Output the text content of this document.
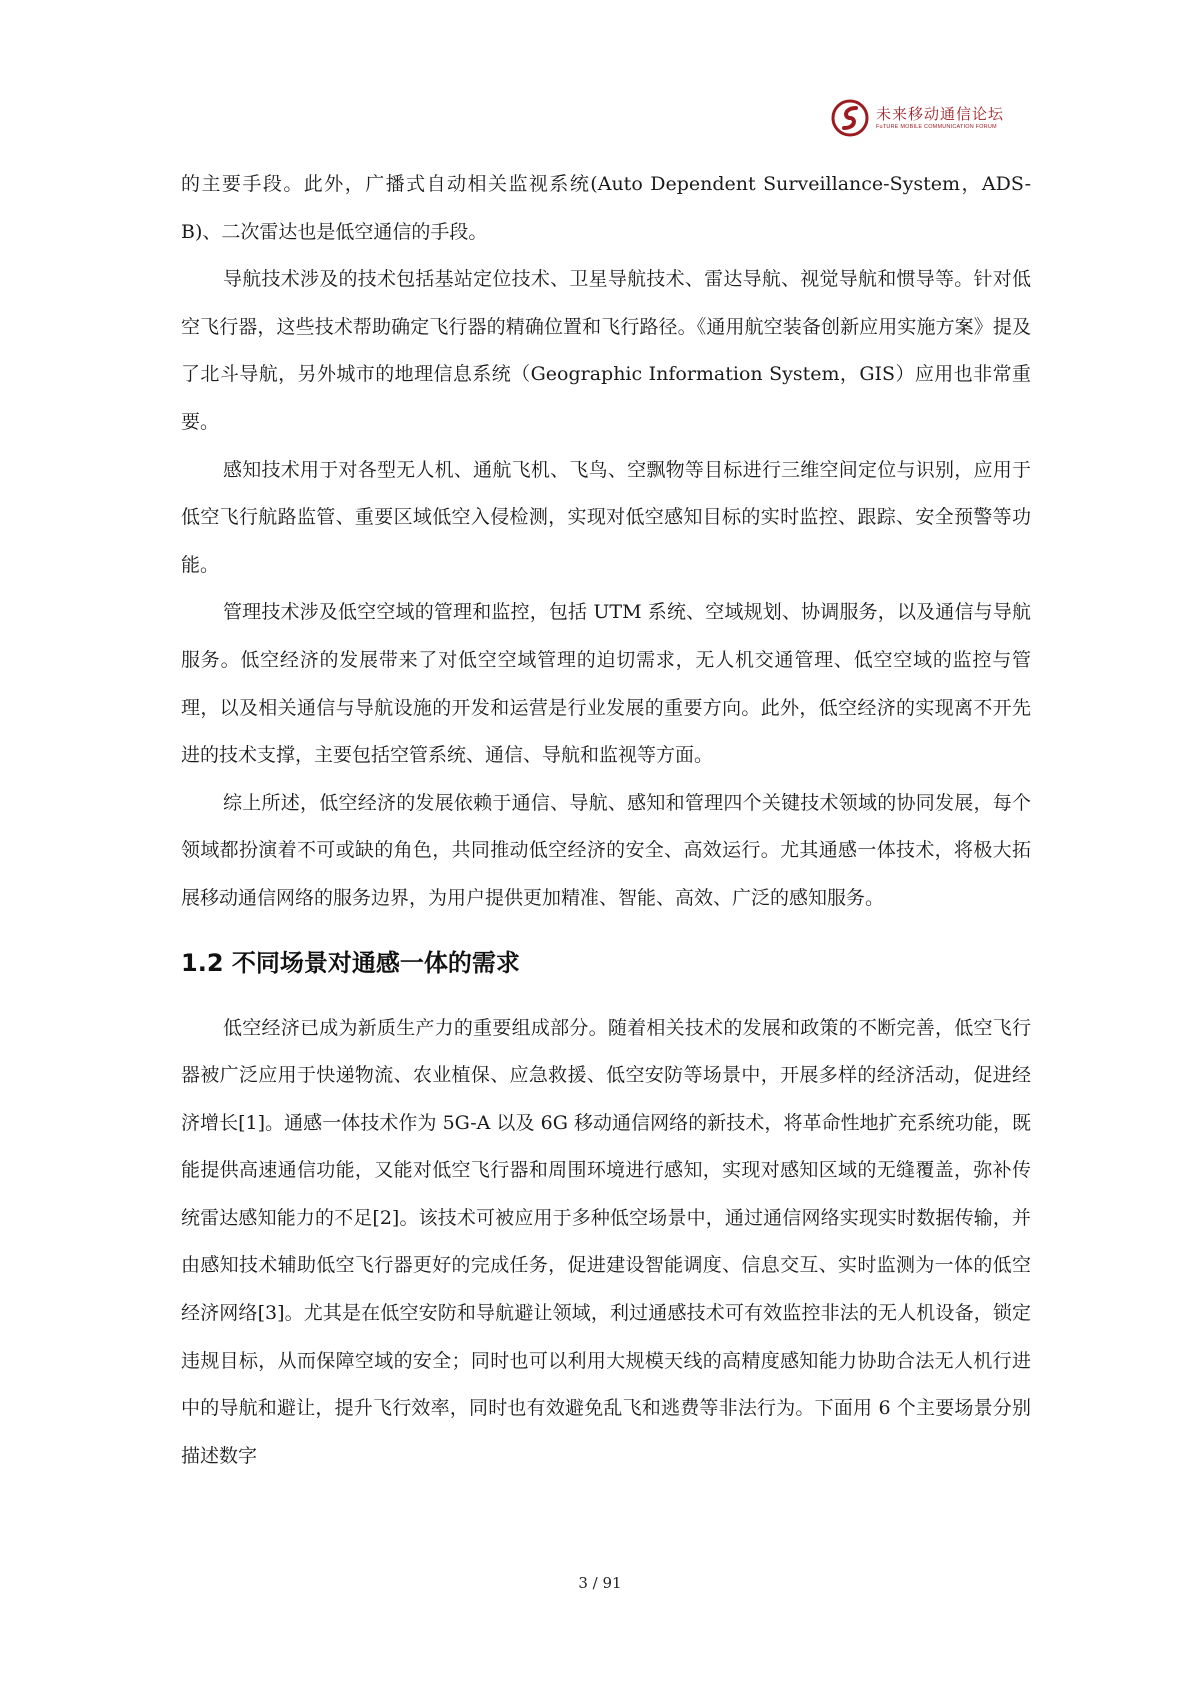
未来移动通信论坛
FuTURE MOBILE COMMUNICATION FORUM

的主要手段。此外，广播式自动相关监视系统(Auto Dependent Surveillance-System，ADS-B)、二次雷达也是低空通信的手段。

导航技术涉及的技术包括基站定位技术、卫星导航技术、雷达导航、视觉导航和惯导等。针对低空飞行器，这些技术帮助确定飞行器的精确位置和飞行路径。《通用航空装备创新应用实施方案》提及了北斗导航，另外城市的地理信息系统（Geographic Information System，GIS）应用也非常重要。

感知技术用于对各型无人机、通航飞机、飞鸟、空飘物等目标进行三维空间定位与识别，应用于低空飞行航路监管、重要区域低空入侵检测，实现对低空感知目标的实时监控、跟踪、安全预警等功能。

管理技术涉及低空空域的管理和监控，包括 UTM 系统、空域规划、协调服务，以及通信与导航服务。低空经济的发展带来了对低空空域管理的迫切需求，无人机交通管理、低空空域的监控与管理，以及相关通信与导航设施的开发和运营是行业发展的重要方向。此外，低空经济的实现离不开先进的技术支撑，主要包括空管系统、通信、导航和监视等方面。

综上所述，低空经济的发展依赖于通信、导航、感知和管理四个关键技术领域的协同发展，每个领域都扮演着不可或缺的角色，共同推动低空经济的安全、高效运行。尤其通感一体技术，将极大拓展移动通信网络的服务边界，为用户提供更加精准、智能、高效、广泛的感知服务。

1.2 不同场景对通感一体的需求

低空经济已成为新质生产力的重要组成部分。随着相关技术的发展和政策的不断完善，低空飞行器被广泛应用于快递物流、农业植保、应急救援、低空安防等场景中，开展多样的经济活动，促进经济增长[1]。通感一体技术作为 5G-A 以及 6G 移动通信网络的新技术，将革命性地扩充系统功能，既能提供高速通信功能，又能对低空飞行器和周围环境进行感知，实现对感知区域的无缝覆盖，弥补传统雷达感知能力的不足[2]。该技术可被应用于多种低空场景中，通过通信网络实现实时数据传输，并由感知技术辅助低空飞行器更好的完成任务，促进建设智能调度、信息交互、实时监测为一体的低空经济网络[3]。尤其是在低空安防和导航避让领域，利过通感技术可有效监控非法的无人机设备，锁定违规目标，从而保障空域的安全；同时也可以利用大规模天线的高精度感知能力协助合法无人机行进中的导航和避让，提升飞行效率，同时也有效避免乱飞和逃费等非法行为。下面用 6 个主要场景分别描述数字

3 / 91
